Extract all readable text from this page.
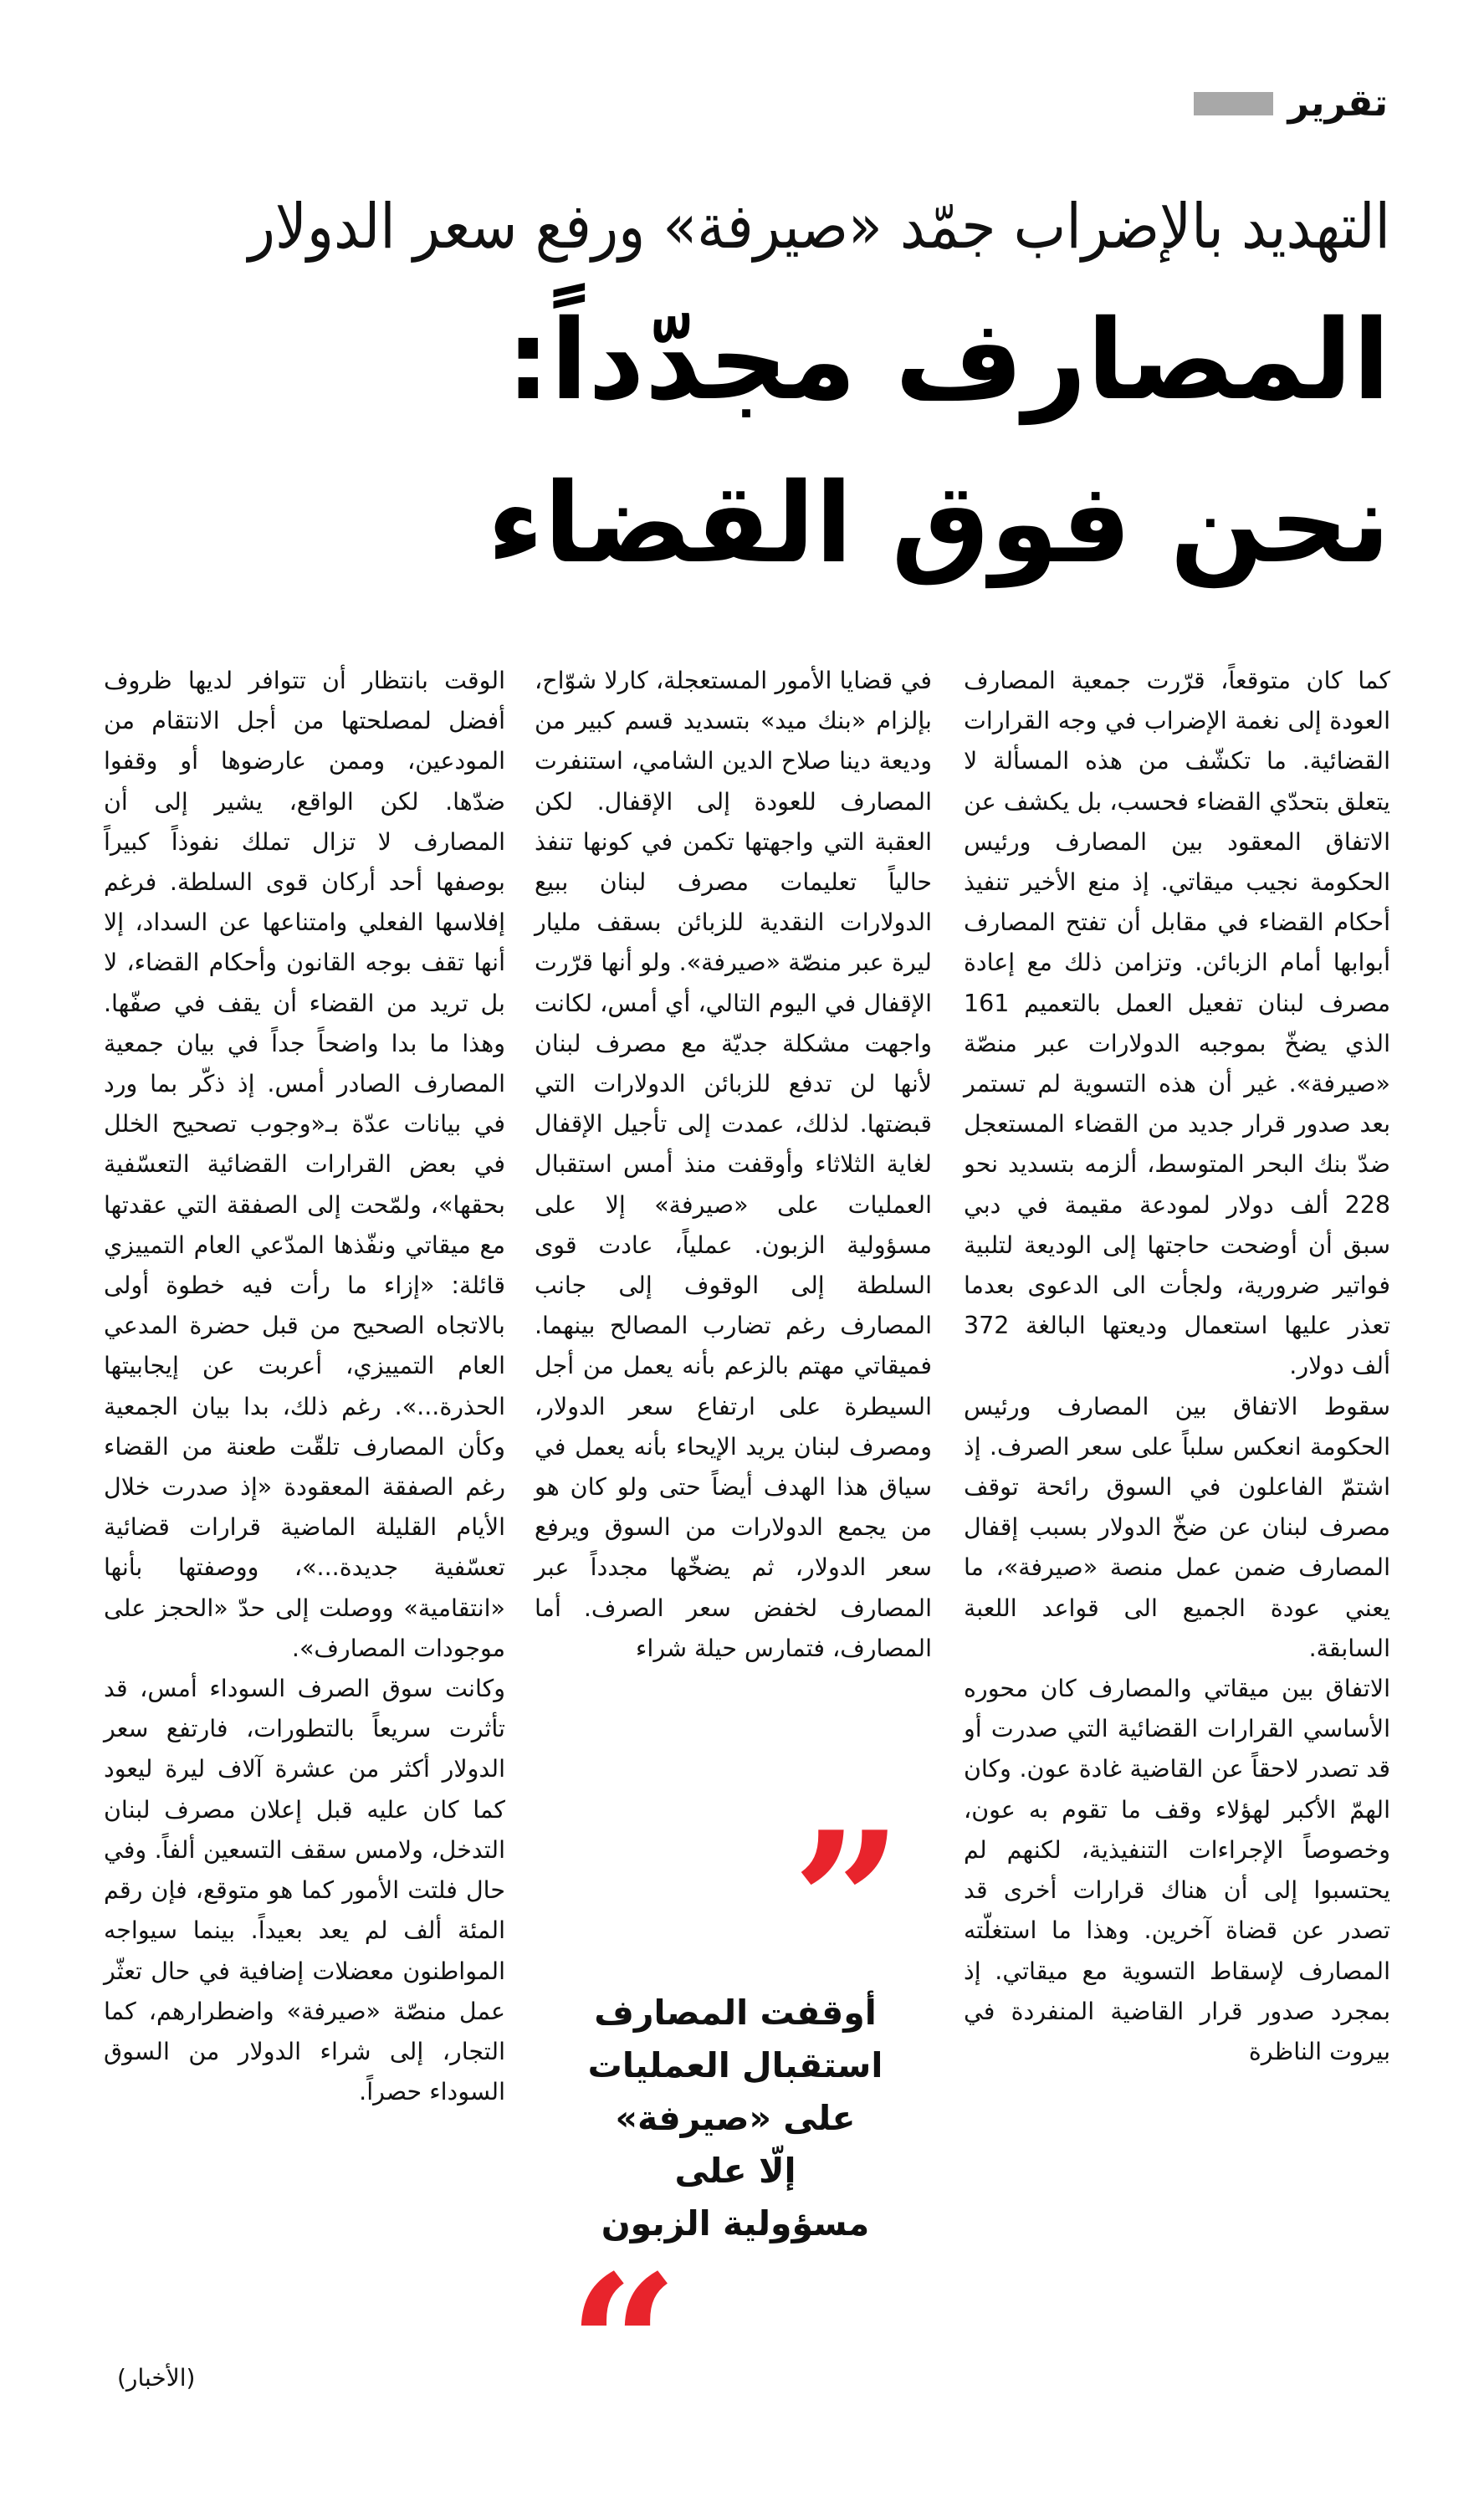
تقرير
التهديد بالإضراب جمّد «صيرفة» ورفع سعر الدولار
المصارف مجدّداً:
نحن فوق القضاء

كما كان متوقعاً، قرّرت جمعية المصارف العودة إلى نغمة الإضراب في وجه القرارات القضائية. ما تكشّف من هذه المسألة لا يتعلق بتحدّي القضاء فحسب، بل يكشف عن الاتفاق المعقود بين المصارف ورئيس الحكومة نجيب ميقاتي. إذ منع الأخير تنفيذ أحكام القضاء في مقابل أن تفتح المصارف أبوابها أمام الزبائن. وتزامن ذلك مع إعادة مصرف لبنان تفعيل العمل بالتعميم 161 الذي يضخّ بموجبه الدولارات عبر منصّة «صيرفة». غير أن هذه التسوية لم تستمر بعد صدور قرار جديد من القضاء المستعجل ضدّ بنك البحر المتوسط، ألزمه بتسديد نحو 228 ألف دولار لمودعة مقيمة في دبي سبق أن أوضحت حاجتها إلى الوديعة لتلبية فواتير ضرورية، ولجأت الى الدعوى بعدما تعذر عليها استعمال وديعتها البالغة 372 ألف دولار.

سقوط الاتفاق بين المصارف ورئيس الحكومة انعكس سلباً على سعر الصرف. إذ اشتمّ الفاعلون في السوق رائحة توقف مصرف لبنان عن ضخّ الدولار بسبب إقفال المصارف ضمن عمل منصة «صيرفة»، ما يعني عودة الجميع الى قواعد اللعبة السابقة.

الاتفاق بين ميقاتي والمصارف كان محوره الأساسي القرارات القضائية التي صدرت أو قد تصدر لاحقاً عن القاضية غادة عون. وكان الهمّ الأكبر لهؤلاء وقف ما تقوم به عون، وخصوصاً الإجراءات التنفيذية، لكنهم لم يحتسبوا إلى أن هناك قرارات أخرى قد تصدر عن قضاة آخرين. وهذا ما استغلّته المصارف لإسقاط التسوية مع ميقاتي. إذ بمجرد صدور قرار القاضية المنفردة في بيروت الناظرة

في قضايا الأمور المستعجلة، كارلا شوّاح، بإلزام «بنك ميد» بتسديد قسم كبير من وديعة دينا صلاح الدين الشامي، استنفرت المصارف للعودة إلى الإقفال. لكن العقبة التي واجهتها تكمن في كونها تنفذ حالياً تعليمات مصرف لبنان ببيع الدولارات النقدية للزبائن بسقف مليار ليرة عبر منصّة «صيرفة». ولو أنها قرّرت الإقفال في اليوم التالي، أي أمس، لكانت واجهت مشكلة جديّة مع مصرف لبنان لأنها لن تدفع للزبائن الدولارات التي قبضتها. لذلك، عمدت إلى تأجيل الإقفال لغاية الثلاثاء وأوقفت منذ أمس استقبال العمليات على «صيرفة» إلا على مسؤولية الزبون. عملياً، عادت قوى السلطة إلى الوقوف إلى جانب المصارف رغم تضارب المصالح بينهما. فميقاتي مهتم بالزعم بأنه يعمل من أجل السيطرة على ارتفاع سعر الدولار، ومصرف لبنان يريد الإيحاء بأنه يعمل في سياق هذا الهدف أيضاً حتى ولو كان هو من يجمع الدولارات من السوق ويرفع سعر الدولار، ثم يضخّها مجدداً عبر المصارف لخفض سعر الصرف. أما المصارف، فتمارس حيلة شراء

”
أوقفت المصارف
استقبال العمليات
على «صيرفة»
إلّا على
مسؤولية الزبون
“

الوقت بانتظار أن تتوافر لديها ظروف أفضل لمصلحتها من أجل الانتقام من المودعين، وممن عارضوها أو وقفوا ضدّها. لكن الواقع، يشير إلى أن المصارف لا تزال تملك نفوذاً كبيراً بوصفها أحد أركان قوى السلطة. فرغم إفلاسها الفعلي وامتناعها عن السداد، إلا أنها تقف بوجه القانون وأحكام القضاء، لا بل تريد من القضاء أن يقف في صفّها. وهذا ما بدا واضحاً جداً في بيان جمعية المصارف الصادر أمس. إذ ذكّر بما ورد في بيانات عدّة بـ«وجوب تصحيح الخلل في بعض القرارات القضائية التعسّفية بحقها»، ولمّحت إلى الصفقة التي عقدتها مع ميقاتي ونفّذها المدّعي العام التمييزي قائلة: «إزاء ما رأت فيه خطوة أولى بالاتجاه الصحيح من قبل حضرة المدعي العام التمييزي، أعربت عن إيجابيتها الحذرة...». رغم ذلك، بدا بيان الجمعية وكأن المصارف تلقّت طعنة من القضاء رغم الصفقة المعقودة «إذ صدرت خلال الأيام القليلة الماضية قرارات قضائية تعسّفية جديدة...»، ووصفتها بأنها «انتقامية» ووصلت إلى حدّ «الحجز على موجودات المصارف».

وكانت سوق الصرف السوداء أمس، قد تأثرت سريعاً بالتطورات، فارتفع سعر الدولار أكثر من عشرة آلاف ليرة ليعود كما كان عليه قبل إعلان مصرف لبنان التدخل، ولامس سقف التسعين ألفاً. وفي حال فلتت الأمور كما هو متوقع، فإن رقم المئة ألف لم يعد بعيداً. بينما سيواجه المواطنون معضلات إضافية في حال تعثّر عمل منصّة «صيرفة» واضطرارهم، كما التجار، إلى شراء الدولار من السوق السوداء حصراً.

(الأخبار)
